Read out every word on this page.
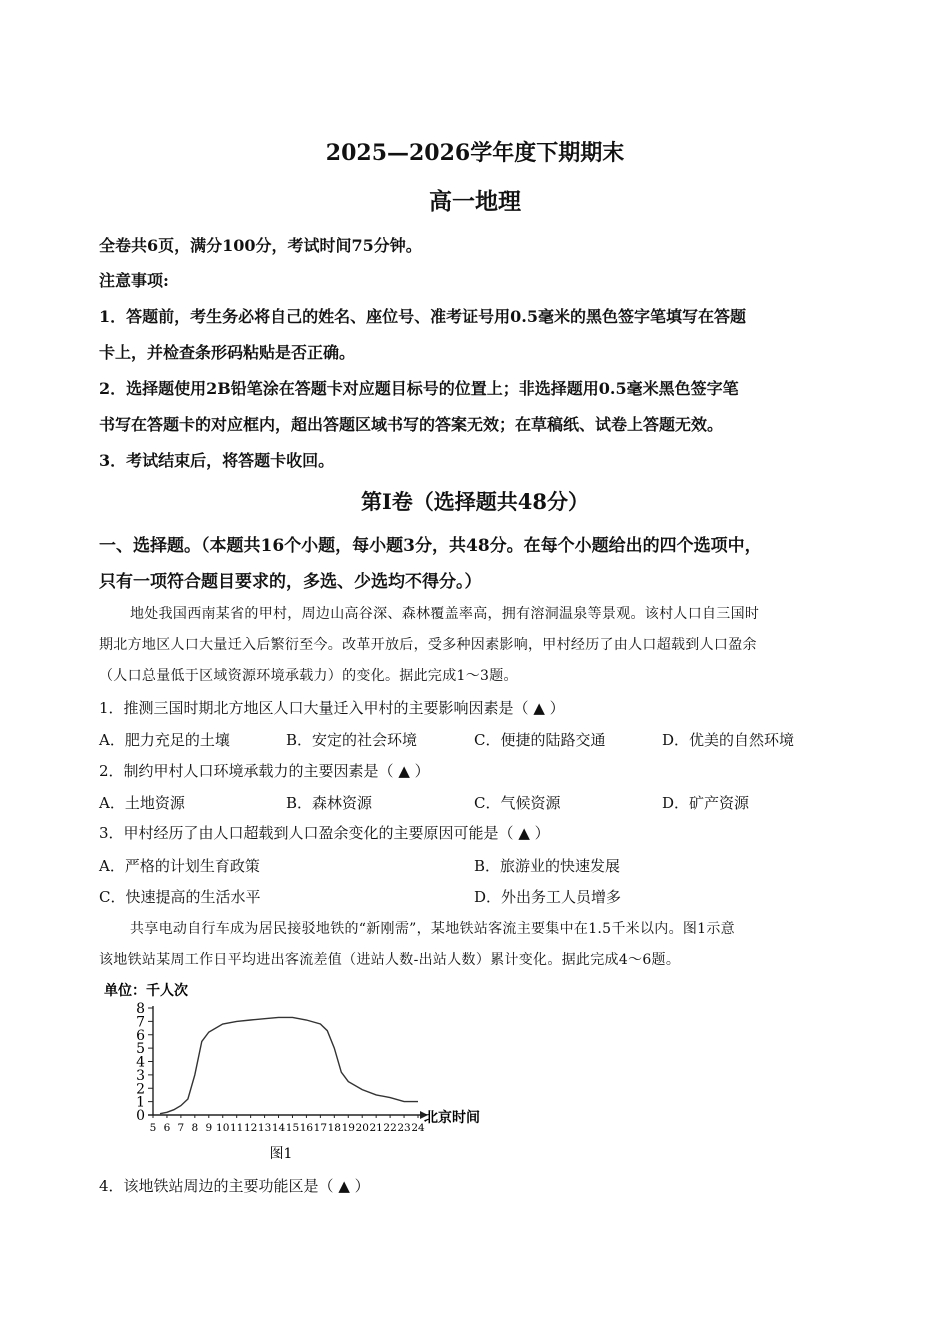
2025—2026学年度下期期末
高一地理
全卷共6页，满分100分，考试时间75分钟。
注意事项:
1．答题前，考生务必将自己的姓名、座位号、准考证号用0.5毫米的黑色签字笔填写在答题
卡上，并检查条形码粘贴是否正确。
2．选择题使用2B铅笔涂在答题卡对应题目标号的位置上；非选择题用0.5毫米黑色签字笔
书写在答题卡的对应框内，超出答题区域书写的答案无效；在草稿纸、试卷上答题无效。
3．考试结束后，将答题卡收回。
第I卷（选择题共48分）
一、选择题。（本题共16个小题，每小题3分，共48分。在每个小题给出的四个选项中，
只有一项符合题目要求的，多选、少选均不得分。）
地处我国西南某省的甲村，周边山高谷深、森林覆盖率高，拥有溶洞温泉等景观。该村人口自三国时
期北方地区人口大量迁入后繁衍至今。改革开放后，受多种因素影响，甲村经历了由人口超载到人口盈余
（人口总量低于区域资源环境承载力）的变化。据此完成1～3题。
1．推测三国时期北方地区人口大量迁入甲村的主要影响因素是（ ▲ ）
A．肥力充足的土壤	B．安定的社会环境	C．便捷的陆路交通	D．优美的自然环境
2．制约甲村人口环境承载力的主要因素是（ ▲ ）
A．土地资源	B．森林资源	C．气候资源	D．矿产资源
3．甲村经历了由人口超载到人口盈余变化的主要原因可能是（ ▲ ）
A．严格的计划生育政策	B．旅游业的快速发展
C．快速提高的生活水平	D．外出务工人员增多
共享电动自行车成为居民接驳地铁的“新刚需”，某地铁站客流主要集中在1.5千米以内。图1示意
该地铁站某周工作日平均进出客流差值（进站人数-出站人数）累计变化。据此完成4～6题。
单位：千人次
0
1
2
3
4
5
6
7
8
5 6 7 8 9 10 11 12 13 14 15 16 17 18 19 20 21 22 23 24
北京时间
图1
4．该地铁站周边的主要功能区是（ ▲ ）
